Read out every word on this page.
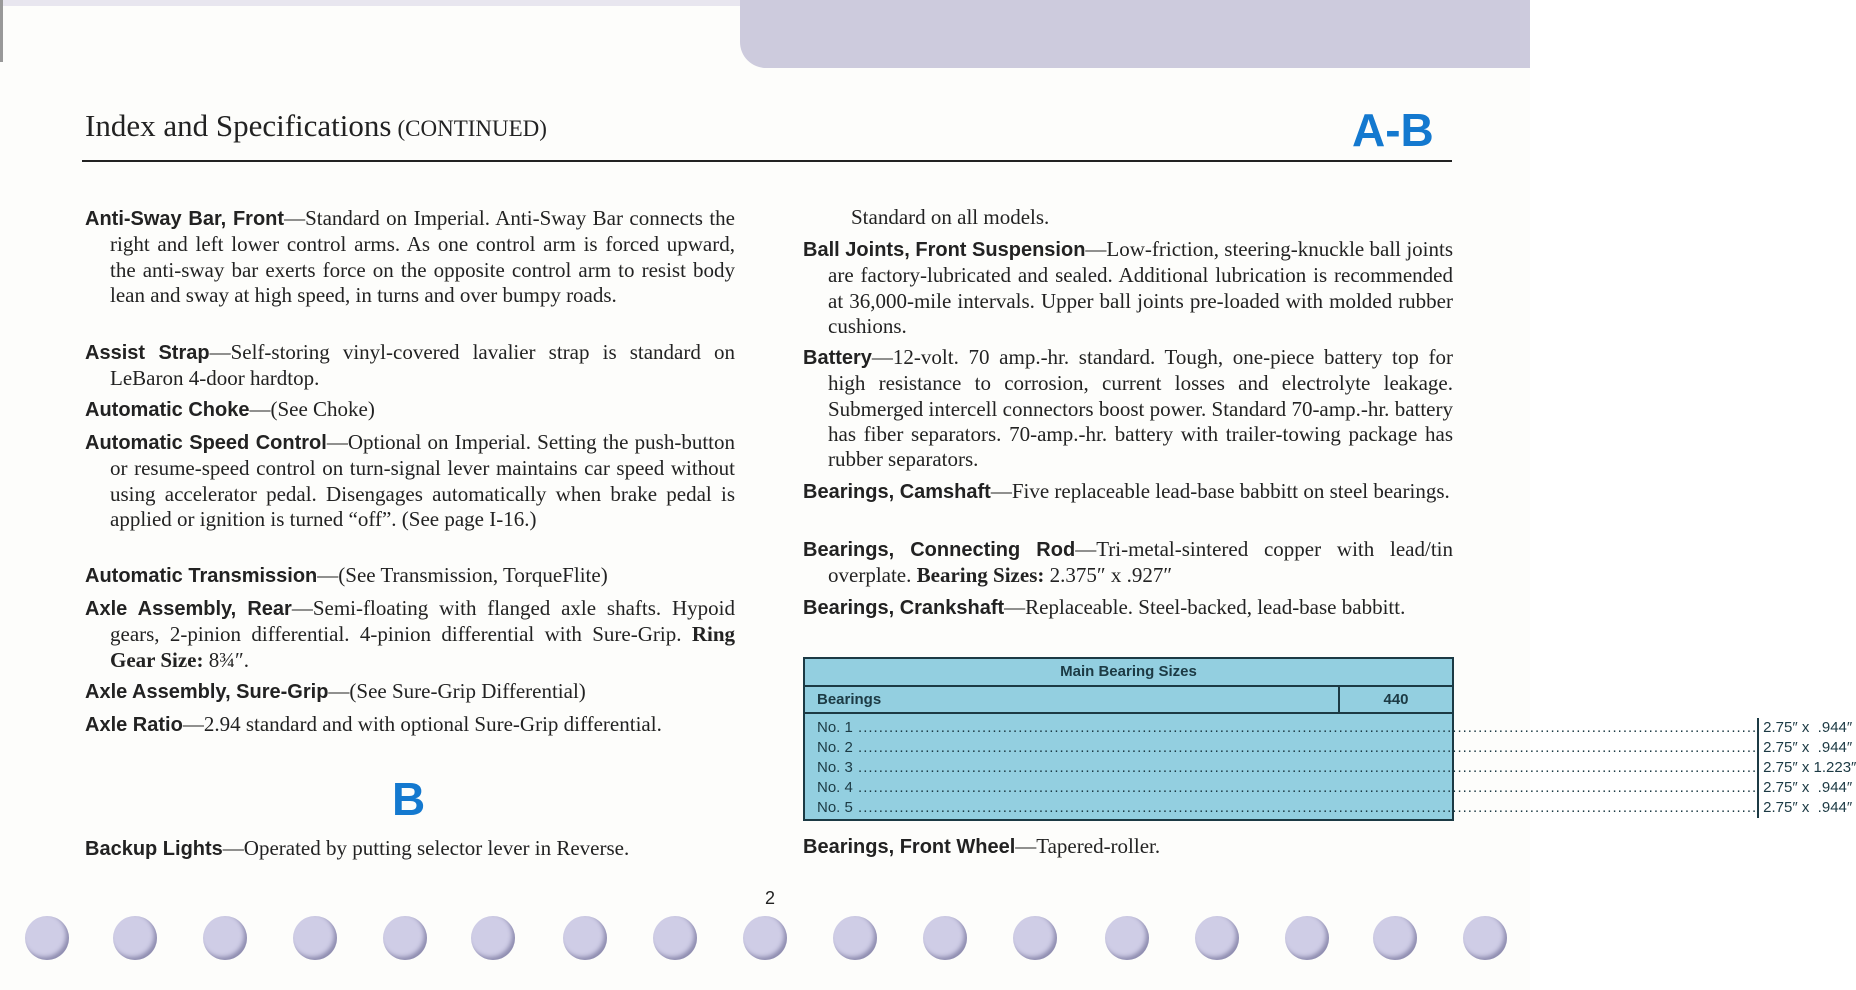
Index and Specifications (CONTINUED)	A-B
Anti-Sway Bar, Front—Standard on Imperial. Anti-Sway Bar connects the right and left lower control arms. As one control arm is forced upward, the anti-sway bar exerts force on the opposite control arm to resist body lean and sway at high speed, in turns and over bumpy roads.
Assist Strap—Self-storing vinyl-covered lavalier strap is standard on LeBaron 4-door hardtop.
Automatic Choke—(See Choke)
Automatic Speed Control—Optional on Imperial. Setting the push-button or resume-speed control on turn-signal lever maintains car speed without using accelerator pedal. Disengages automatically when brake pedal is applied or ignition is turned “off”. (See page I-16.)
Automatic Transmission—(See Transmission, TorqueFlite)
Axle Assembly, Rear—Semi-floating with flanged axle shafts. Hypoid gears, 2-pinion differential. 4-pinion differential with Sure-Grip. Ring Gear Size: 8¾″.
Axle Assembly, Sure-Grip—(See Sure-Grip Differential)
Axle Ratio—2.94 standard and with optional Sure-Grip differential.
B
Backup Lights—Operated by putting selector lever in Reverse.
Standard on all models.
Ball Joints, Front Suspension—Low-friction, steering-knuckle ball joints are factory-lubricated and sealed. Additional lubrication is recommended at 36,000-mile intervals. Upper ball joints pre-loaded with molded rubber cushions.
Battery—12-volt. 70 amp.-hr. standard. Tough, one-piece battery top for high resistance to corrosion, current losses and electrolyte leakage. Submerged intercell connectors boost power. Standard 70-amp.-hr. battery has fiber separators. 70-amp.-hr. battery with trailer-towing package has rubber separators.
Bearings, Camshaft—Five replaceable lead-base babbitt on steel bearings.
Bearings, Connecting Rod—Tri-metal-sintered copper with lead/tin overplate. Bearing Sizes: 2.375″ x .927″
Bearings, Crankshaft—Replaceable. Steel-backed, lead-base babbitt.
Main Bearing Sizes
Bearings	440
No. 1 .....
No. 2 .....
No. 3 .....
No. 4 .....
No. 5 .....
2.75″ x  .944″
2.75″ x  .944″
2.75″ x 1.223″
2.75″ x  .944″
2.75″ x  .944″
Bearings, Front Wheel—Tapered-roller.
2
